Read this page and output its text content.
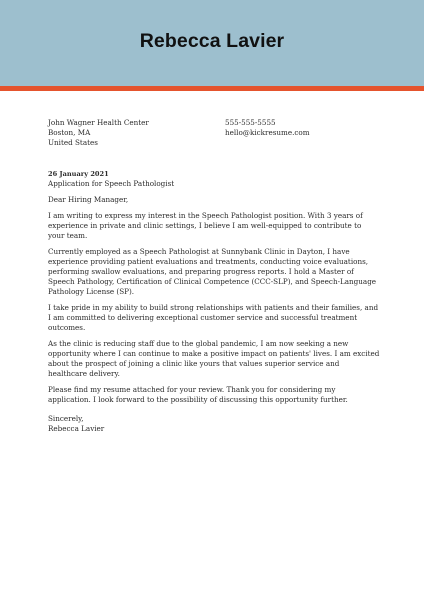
Rebecca Lavier
John Wagner Health Center
Boston, MA
United States
555-555-5555
hello@kickresume.com
26 January 2021
Application for Speech Pathologist

Dear Hiring Manager,

I am writing to express my interest in the Speech Pathologist position. With 3 years of experience in private and clinic settings, I believe I am well-equipped to contribute to your team.

Currently employed as a Speech Pathologist at Sunnybank Clinic in Dayton, I have experience providing patient evaluations and treatments, conducting voice evaluations, performing swallow evaluations, and preparing progress reports. I hold a Master of Speech Pathology, Certification of Clinical Competence (CCC-SLP), and Speech-Language Pathology License (SP).

I take pride in my ability to build strong relationships with patients and their families, and I am committed to delivering exceptional customer service and successful treatment outcomes.

As the clinic is reducing staff due to the global pandemic, I am now seeking a new opportunity where I can continue to make a positive impact on patients' lives. I am excited about the prospect of joining a clinic like yours that values superior service and healthcare delivery.

Please find my resume attached for your review. Thank you for considering my application. I look forward to the possibility of discussing this opportunity further.

Sincerely,
Rebecca Lavier
